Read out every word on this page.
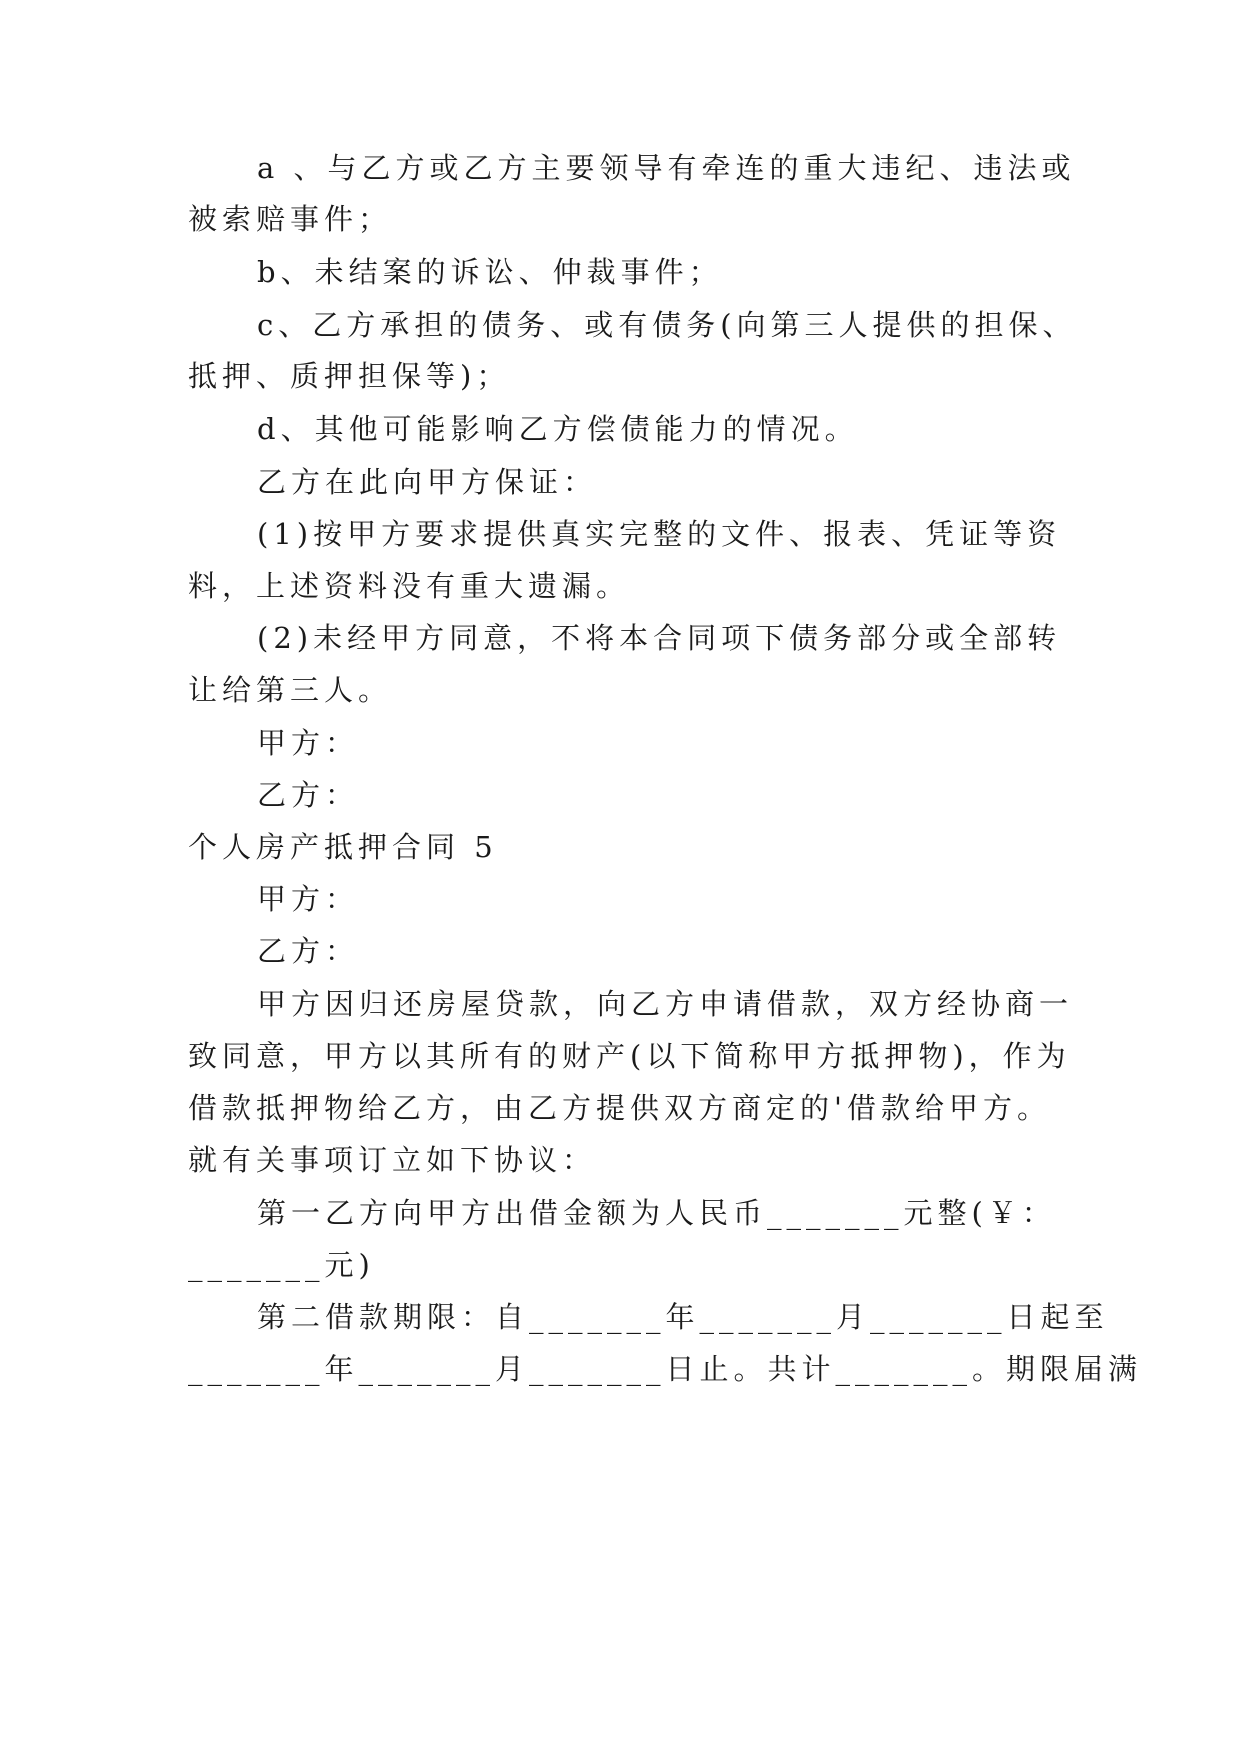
a 、与乙方或乙方主要领导有牵连的重大违纪、违法或

被索赔事件；

b、未结案的诉讼、仲裁事件；

c、乙方承担的债务、或有债务(向第三人提供的担保、

抵押、质押担保等)；

d、其他可能影响乙方偿债能力的情况。

乙方在此向甲方保证：

(1)按甲方要求提供真实完整的文件、报表、凭证等资

料，上述资料没有重大遗漏。

(2)未经甲方同意，不将本合同项下债务部分或全部转

让给第三人。

甲方：

乙方：

个人房产抵押合同 5

甲方：

乙方：

甲方因归还房屋贷款，向乙方申请借款，双方经协商一

致同意，甲方以其所有的财产(以下简称甲方抵押物)，作为

借款抵押物给乙方，由乙方提供双方商定的'借款给甲方。

就有关事项订立如下协议：

第一乙方向甲方出借金额为人民币_______元整(￥：

_______元)

第二借款期限：自_______年_______月_______日起至

_______年_______月_______日止。共计_______。期限届满
